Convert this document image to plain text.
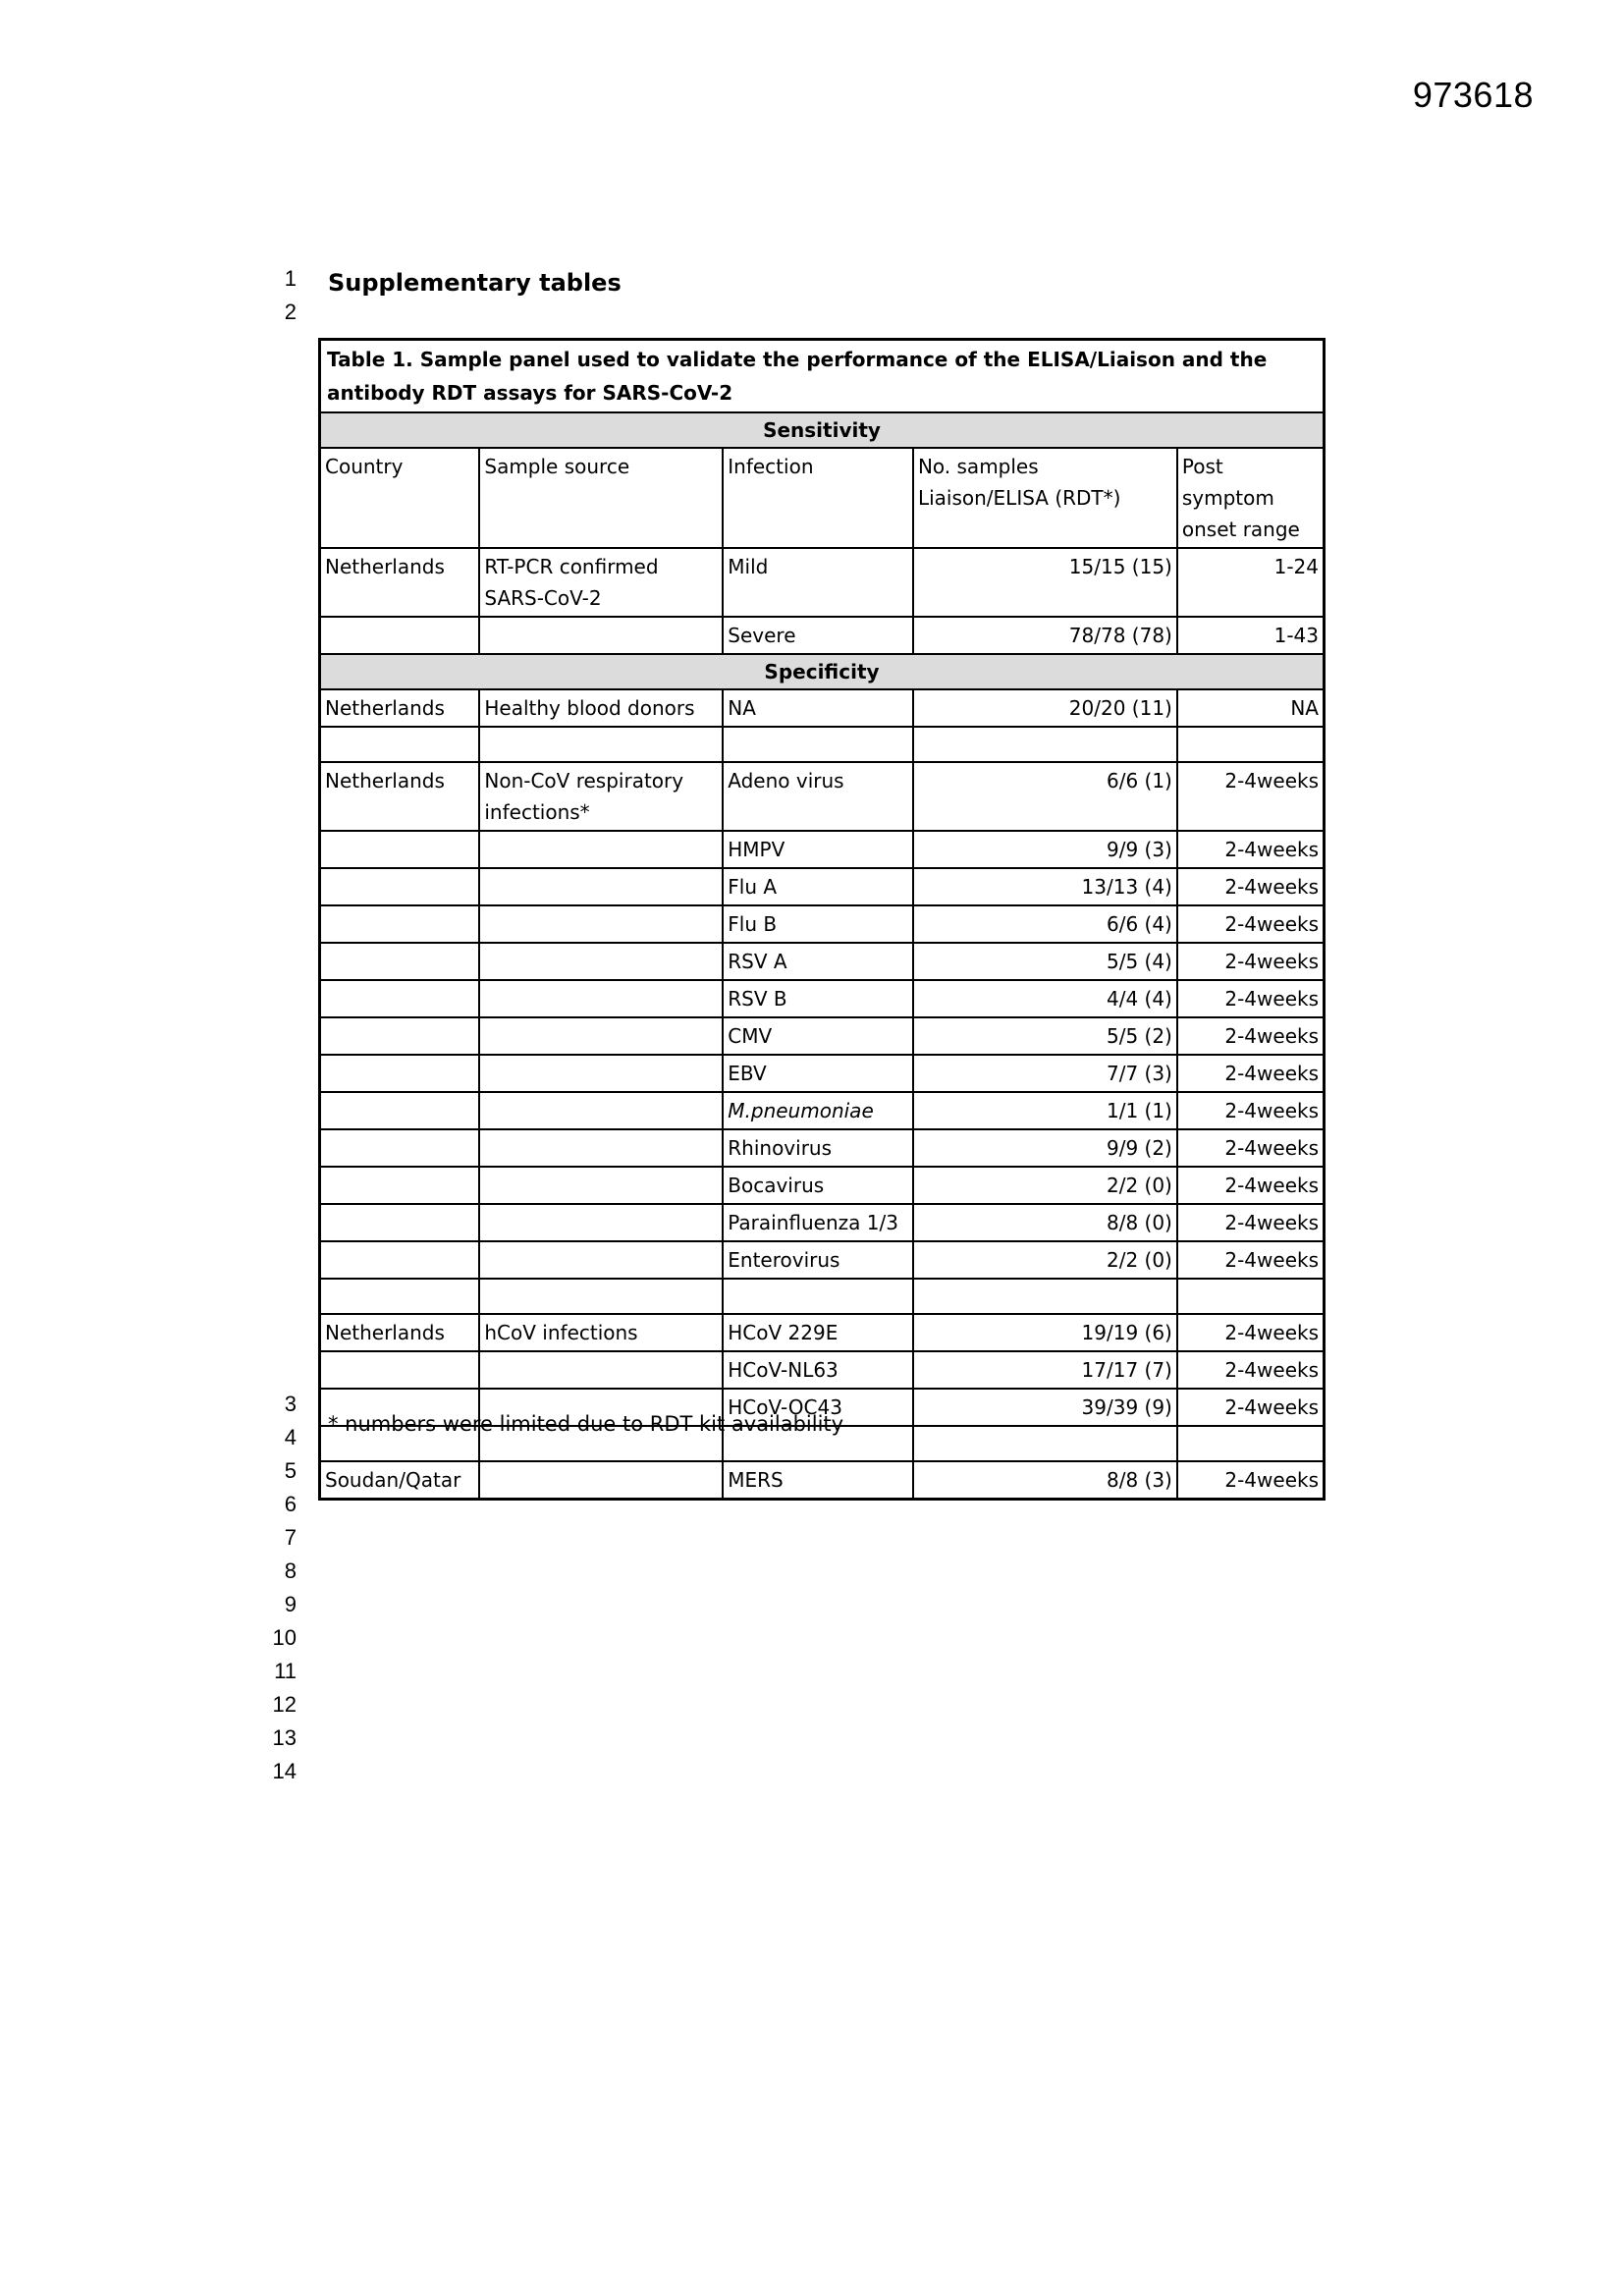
973618
1
2
3
4
5
6
7
8
9
10
11
12
13
14
Supplementary tables
Table 1. Sample panel used to validate the performance of the ELISA/Liaison and the antibody RDT assays for SARS-CoV-2				
Sensitivity				
Country	Sample source	Infection	No. samples Liaison/ELISA (RDT*)	Post symptom onset range
Netherlands	RT-PCR confirmed SARS-CoV-2	Mild	15/15 (15)	1-24
		Severe	78/78 (78)	1-43
Specificity				
Netherlands	Healthy blood donors	NA	20/20 (11)	NA

Netherlands	Non-CoV respiratory infections*	Adeno virus	6/6 (1)	2-4weeks
		HMPV	9/9 (3)	2-4weeks
		Flu A	13/13 (4)	2-4weeks
		Flu B	6/6 (4)	2-4weeks
		RSV A	5/5 (4)	2-4weeks
		RSV B	4/4 (4)	2-4weeks
		CMV	5/5 (2)	2-4weeks
		EBV	7/7 (3)	2-4weeks
		M.pneumoniae	1/1 (1)	2-4weeks
		Rhinovirus	9/9 (2)	2-4weeks
		Bocavirus	2/2 (0)	2-4weeks
		Parainfluenza 1/3	8/8 (0)	2-4weeks
		Enterovirus	2/2 (0)	2-4weeks

Netherlands	hCoV infections	HCoV 229E	19/19 (6)	2-4weeks
		HCoV-NL63	17/17 (7)	2-4weeks
		HCoV-OC43	39/39 (9)	2-4weeks

Soudan/Qatar		MERS	8/8 (3)	2-4weeks
* numbers were limited due to RDT kit availability
